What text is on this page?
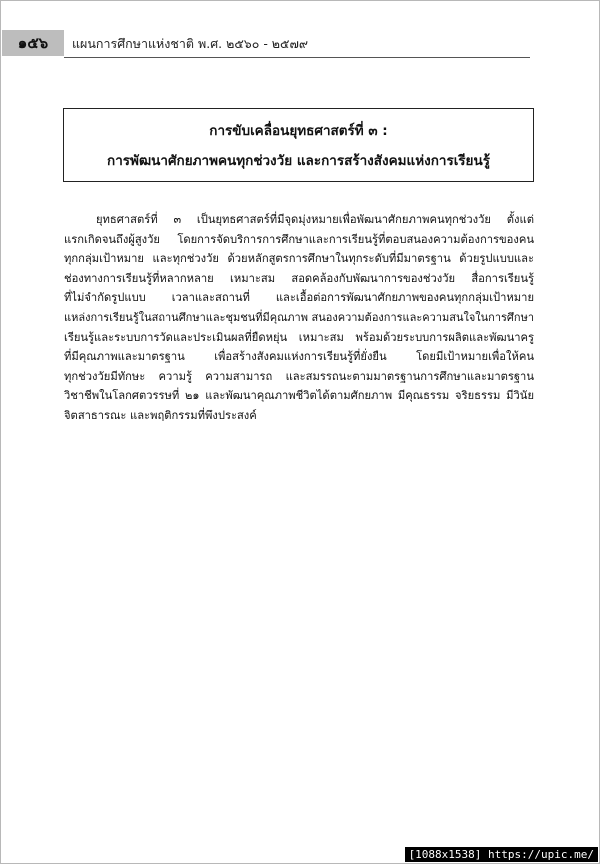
๑๕๖	แผนการศึกษาแห่งชาติ พ.ศ. ๒๕๖๐ - ๒๕๗๙
การขับเคลื่อนยุทธศาสตร์ที่ ๓ :
การพัฒนาศักยภาพคนทุกช่วงวัย และการสร้างสังคมแห่งการเรียนรู้
ยุทธศาสตร์ที่ ๓ เป็นยุทธศาสตร์ที่มีจุดมุ่งหมายเพื่อพัฒนาศักยภาพคนทุกช่วงวัย ตั้งแต่
แรกเกิดจนถึงผู้สูงวัย โดยการจัดบริการการศึกษาและการเรียนรู้ที่ตอบสนองความต้องการของคน
ทุกกลุ่มเป้าหมาย และทุกช่วงวัย ด้วยหลักสูตรการศึกษาในทุกระดับที่มีมาตรฐาน ด้วยรูปแบบและ
ช่องทางการเรียนรู้ที่หลากหลาย เหมาะสม สอดคล้องกับพัฒนาการของช่วงวัย สื่อการเรียนรู้
ที่ไม่จำกัดรูปแบบ เวลาและสถานที่ และเอื้อต่อการพัฒนาศักยภาพของคนทุกกลุ่มเป้าหมาย
แหล่งการเรียนรู้ในสถานศึกษาและชุมชนที่มีคุณภาพ สนองความต้องการและความสนใจในการศึกษา
เรียนรู้และระบบการวัดและประเมินผลที่ยืดหยุ่น เหมาะสม พร้อมด้วยระบบการผลิตและพัฒนาครู
ที่มีคุณภาพและมาตรฐาน เพื่อสร้างสังคมแห่งการเรียนรู้ที่ยั่งยืน โดยมีเป้าหมายเพื่อให้คน
ทุกช่วงวัยมีทักษะ ความรู้ ความสามารถ และสมรรถนะตามมาตรฐานการศึกษาและมาตรฐาน
วิชาชีพในโลกศตวรรษที่ ๒๑ และพัฒนาคุณภาพชีวิตได้ตามศักยภาพ มีคุณธรรม จริยธรรม มีวินัย
จิตสาธารณะ และพฤติกรรมที่พึงประสงค์
[1088x1538] https://upic.me/
